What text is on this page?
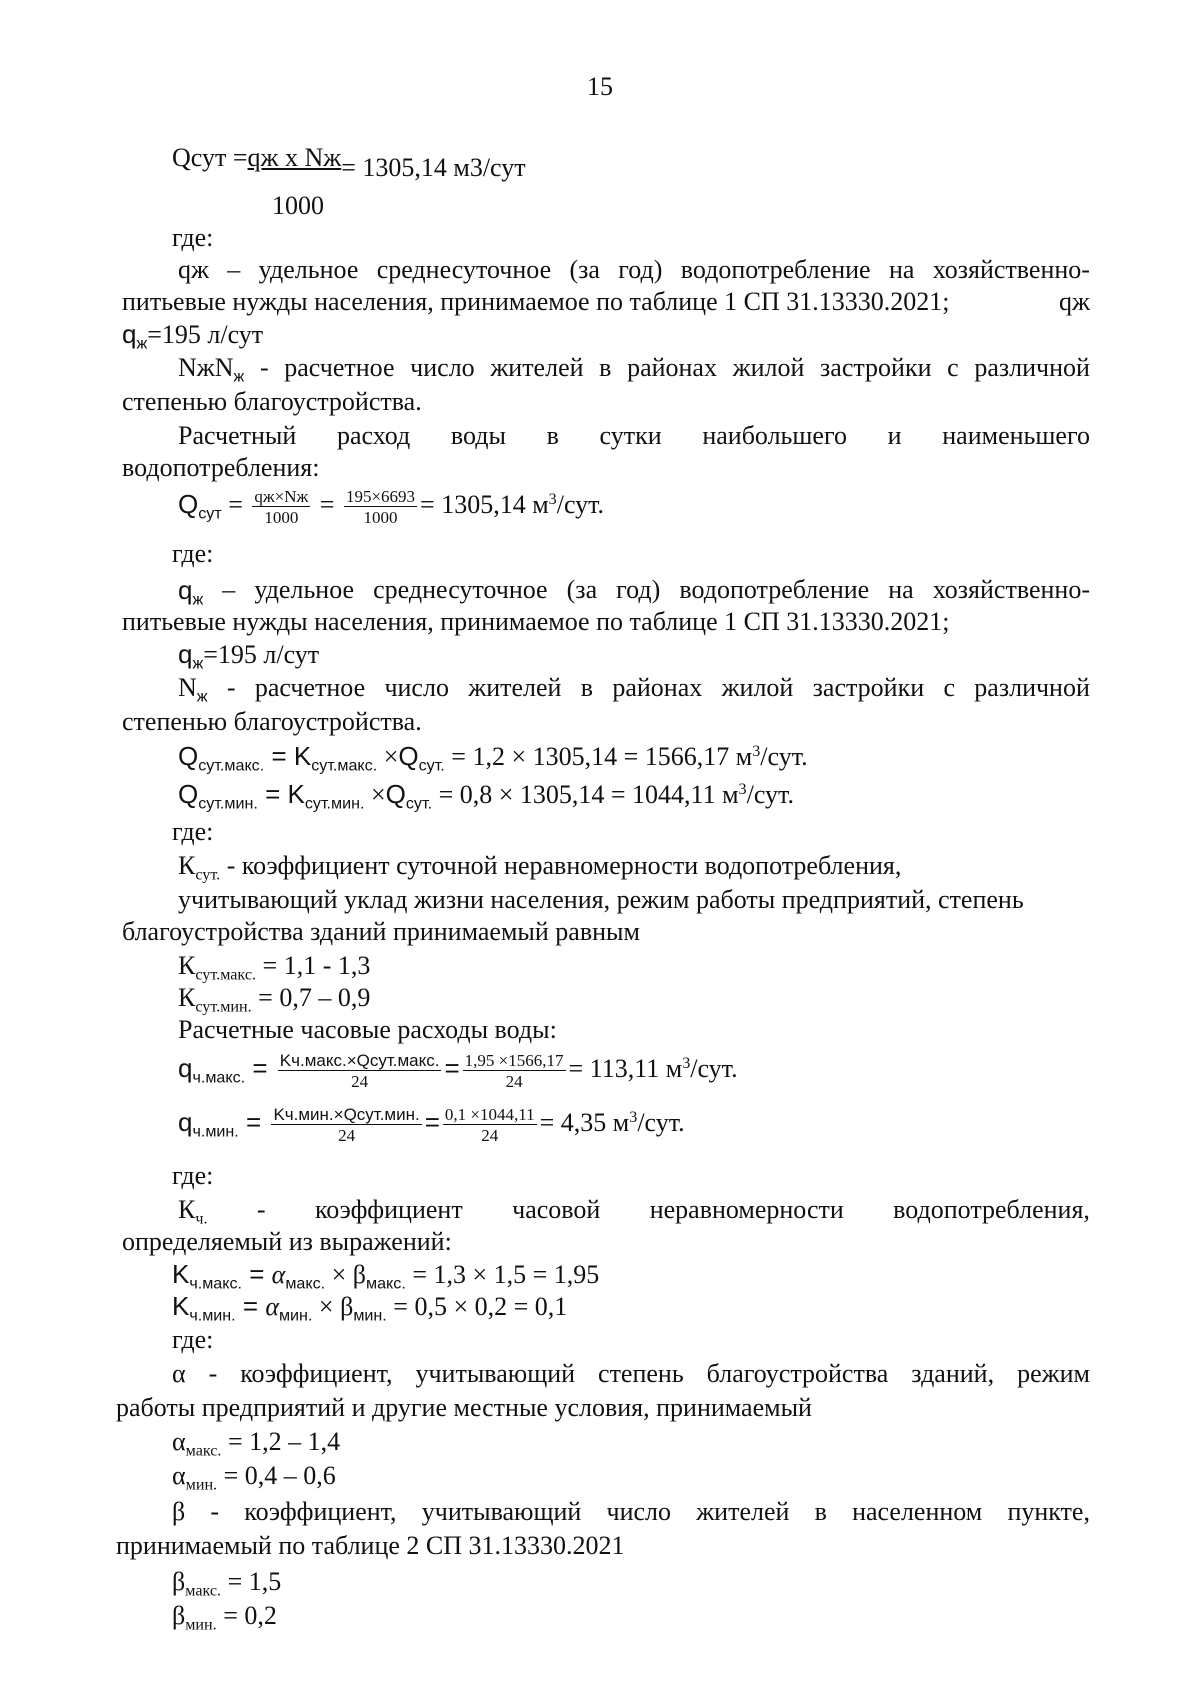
15
Qсут =qж х Nж= 1305,14 м3/сут
1000
где:
qж – удельное среднесуточное (за год) водопотребление на хозяйственно-
питьевые нужды населения, принимаемое по таблице 1 СП 31.13330.2021;	qж
$q_ж=195$ л/сут
NжN$_ж$ - расчетное число жителей в районах жилой застройки с различной
степенью благоустройства.
Расчетный расход воды в сутки наибольшего и наименьшего
водопотребления:
$Q_{сут} = \frac{qж\times Nж}{1000} = \frac{195\times 6693}{1000} = 1305,14$ $м^3$/сут.
где:
$q_ж$ – удельное среднесуточное (за год) водопотребление на хозяйственно-
питьевые нужды населения, принимаемое по таблице 1 СП 31.13330.2021;
$q_ж=195$ л/сут
$N_ж$ - расчетное число жителей в районах жилой застройки с различной
степенью благоустройства.
$Q_{сут.макс.} = K_{сут.макс.} \times Q_{сут.} = 1,2 \times 1305,14 = 1566,17$ $м^3$/сут.
$Q_{сут.мин.} = K_{сут.мин.} \times Q_{сут.} = 0,8 \times 1305,14 = 1044,11$ $м^3$/сут.
где:
$К_{сут.}$ - коэффициент суточной неравномерности водопотребления,
учитывающий уклад жизни населения, режим работы предприятий, степень
благоустройства зданий принимаемый равным
$К_{сут.макс.} = 1,1 - 1,3$
$К_{сут.мин.} = 0,7 - 0,9$
Расчетные часовые расходы воды:
$q_{ч.макс.} = \frac{\text{Kч.макс.×Qсут.макс.}}{24} = \frac{1,95 \times 1566,17}{24} = 113,11$ $м^3$/сут.
$q_{ч.мин.} = \frac{\text{Kч.мин.×Qсут.мин.}}{24} = \frac{0,1 \times 1044,11}{24} = 4,35$ $м^3$/сут.
где:
$К_{ч.}$ - коэффициент часовой неравномерности водопотребления,
определяемый из выражений:
$K_{ч.макс.} = \alpha_{макс.} \times \beta_{макс.} = 1,3 \times 1,5 = 1,95$
$K_{ч.мин.} = \alpha_{мин.} \times \beta_{мин.} = 0,5 \times 0,2 = 0,1$
где:
α - коэффициент, учитывающий степень благоустройства зданий, режим
работы предприятий и другие местные условия, принимаемый
$\alpha_{макс.} = 1,2 - 1,4$
$\alpha_{мин.} = 0,4 - 0,6$
β - коэффициент, учитывающий число жителей в населенном пункте,
принимаемый по таблице 2 СП 31.13330.2021
$\beta_{макс.} = 1,5$
$\beta_{мин.} = 0,2$
